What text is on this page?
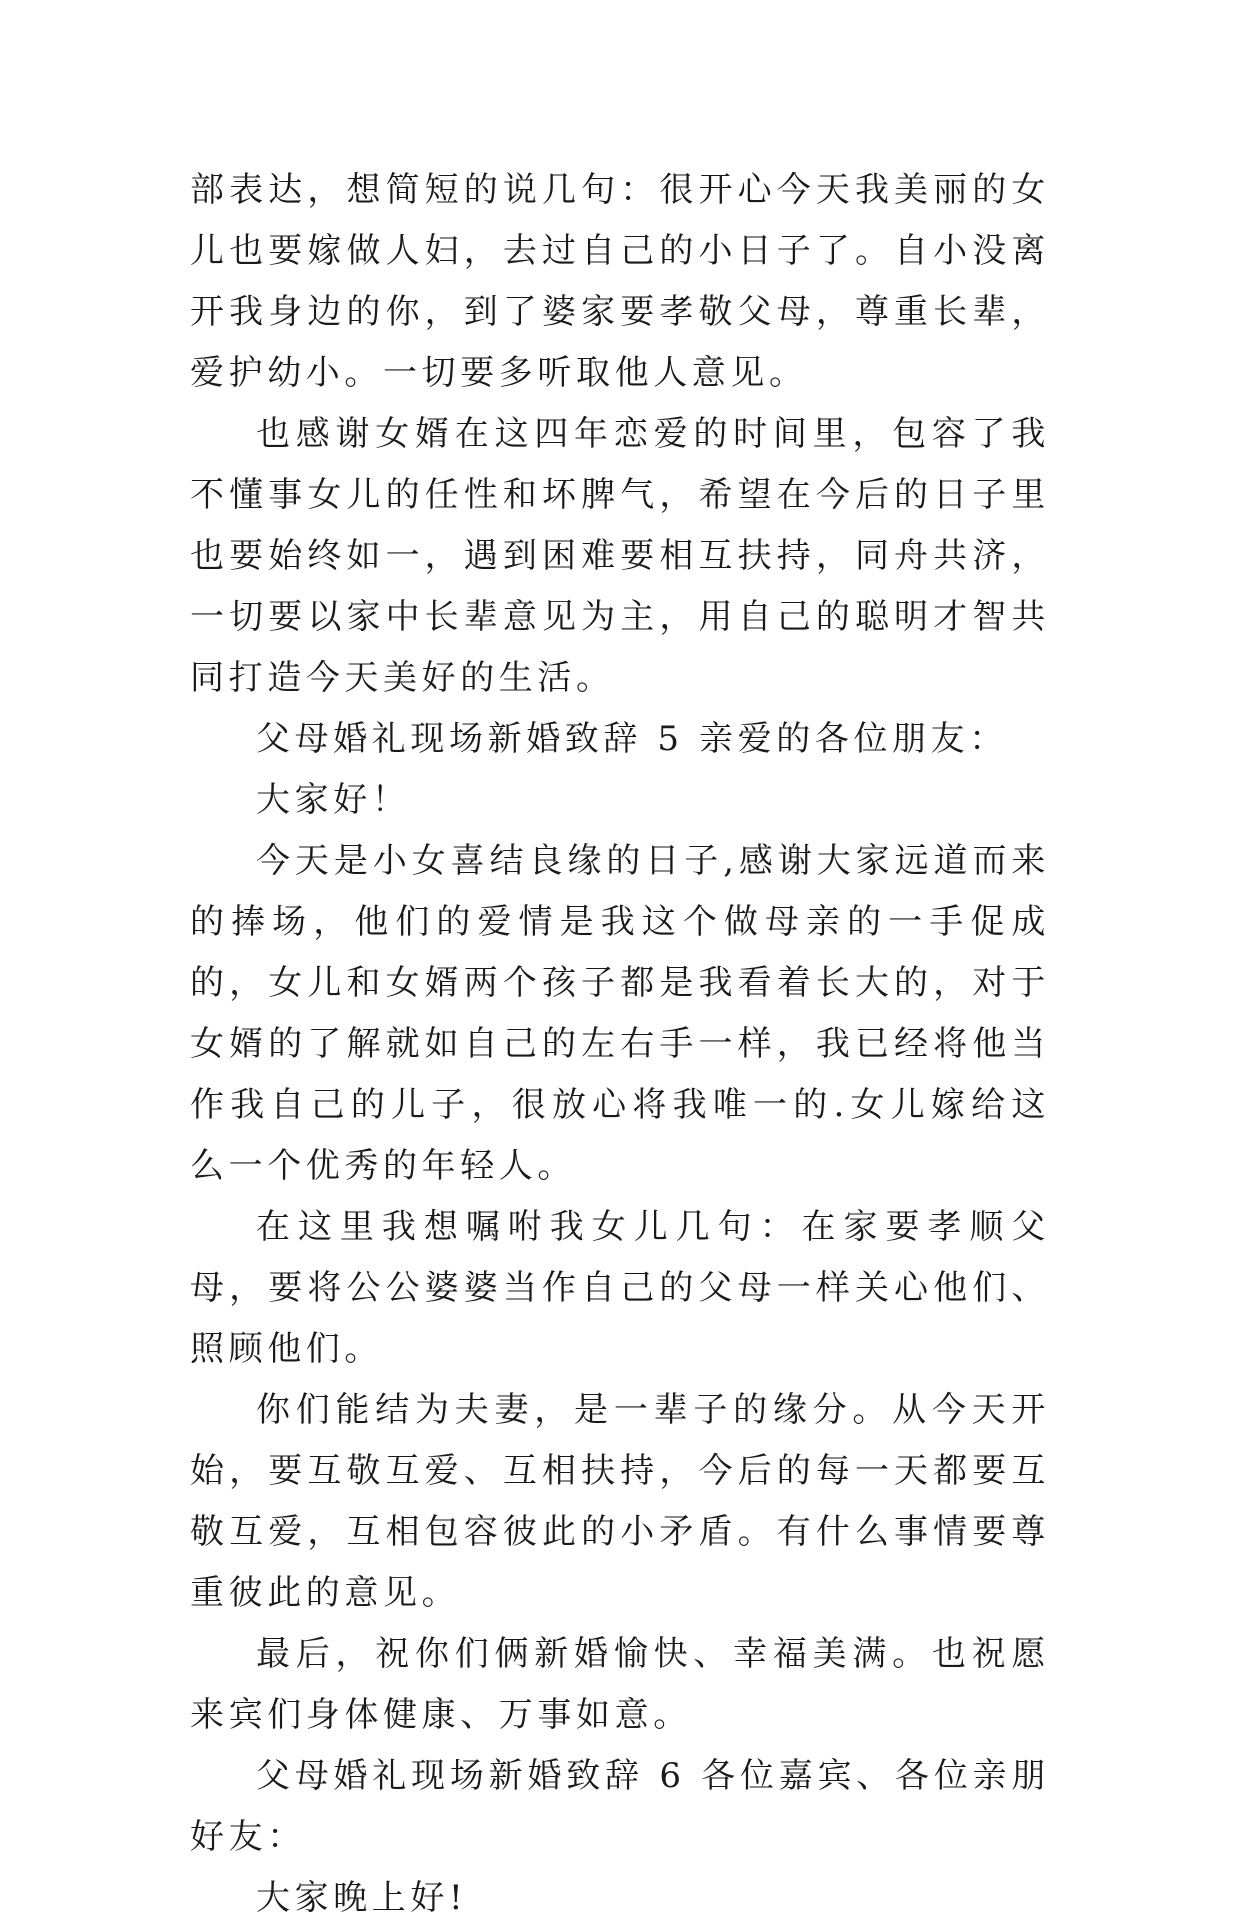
部表达，想简短的说几句：很开心今天我美丽的女儿也要嫁做人妇，去过自己的小日子了。自小没离开我身边的你，到了婆家要孝敬父母，尊重长辈，爱护幼小。一切要多听取他人意见。

也感谢女婿在这四年恋爱的时间里，包容了我不懂事女儿的任性和坏脾气，希望在今后的日子里也要始终如一，遇到困难要相互扶持，同舟共济，一切要以家中长辈意见为主，用自己的聪明才智共同打造今天美好的生活。

父母婚礼现场新婚致辞 5 亲爱的各位朋友：

大家好！

今天是小女喜结良缘的日子,感谢大家远道而来的捧场，他们的爱情是我这个做母亲的一手促成的，女儿和女婿两个孩子都是我看着长大的，对于女婿的了解就如自己的左右手一样，我已经将他当作我自己的儿子，很放心将我唯一的.女儿嫁给这么一个优秀的年轻人。

在这里我想嘱咐我女儿几句：在家要孝顺父母，要将公公婆婆当作自己的父母一样关心他们、照顾他们。

你们能结为夫妻，是一辈子的缘分。从今天开始，要互敬互爱、互相扶持，今后的每一天都要互敬互爱，互相包容彼此的小矛盾。有什么事情要尊重彼此的意见。

最后，祝你们俩新婚愉快、幸福美满。也祝愿来宾们身体健康、万事如意。

父母婚礼现场新婚致辞 6 各位嘉宾、各位亲朋好友：

大家晚上好!
